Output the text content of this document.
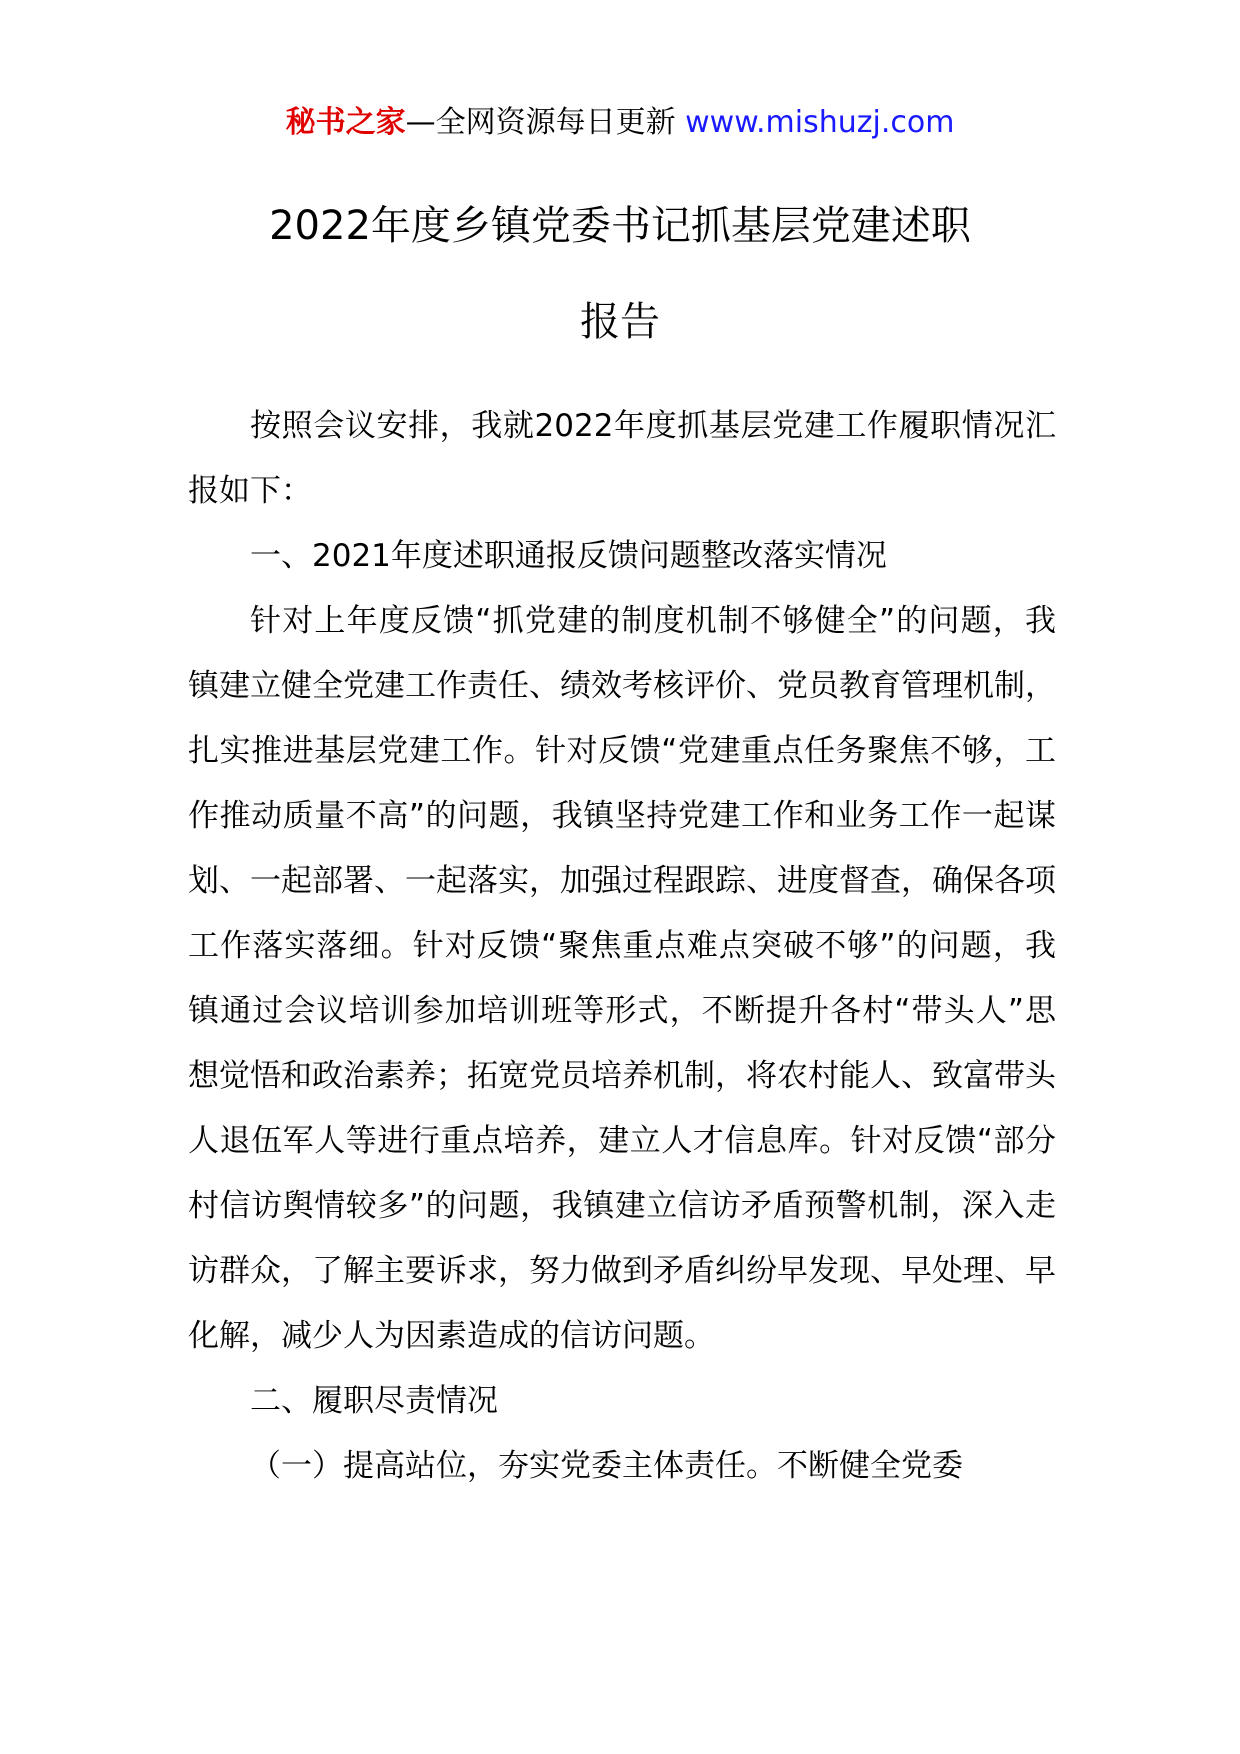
秘书之家—全网资源每日更新 www.mishuzj.com
2022年度乡镇党委书记抓基层党建述职
报告

按照会议安排，我就2022年度抓基层党建工作履职情况汇报如下：

一、2021年度述职通报反馈问题整改落实情况

针对上年度反馈“抓党建的制度机制不够健全”的问题，我镇建立健全党建工作责任、绩效考核评价、党员教育管理机制，扎实推进基层党建工作。针对反馈“党建重点任务聚焦不够，工作推动质量不高”的问题，我镇坚持党建工作和业务工作一起谋划、一起部署、一起落实，加强过程跟踪、进度督查，确保各项工作落实落细。针对反馈“聚焦重点难点突破不够”的问题，我镇通过会议培训参加培训班等形式，不断提升各村“带头人”思想觉悟和政治素养；拓宽党员培养机制，将农村能人、致富带头人退伍军人等进行重点培养，建立人才信息库。针对反馈“部分村信访舆情较多”的问题，我镇建立信访矛盾预警机制，深入走访群众，了解主要诉求，努力做到矛盾纠纷早发现、早处理、早化解，减少人为因素造成的信访问题。

二、履职尽责情况

（一）提高站位，夯实党委主体责任。不断健全党委
